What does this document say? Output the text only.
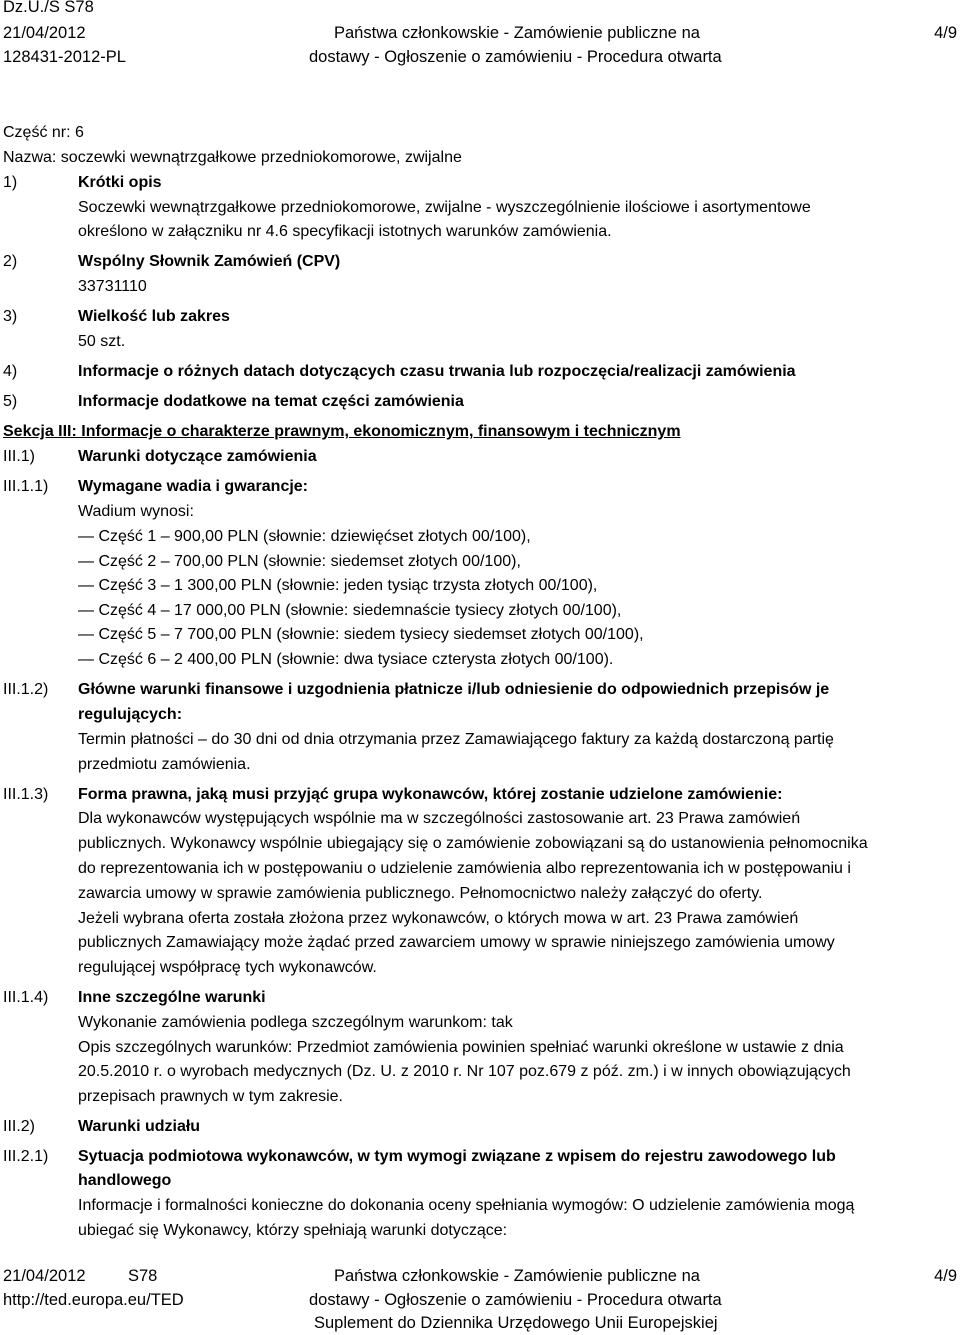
Dz.U./S S78
21/04/2012
128431-2012-PL
Państwa członkowskie - Zamówienie publiczne na
dostawy - Ogłoszenie o zamówieniu - Procedura otwarta
4/9
Część nr: 6
Nazwa: soczewki wewnątrzgałkowe przedniokomorowe, zwijalne
1)	Krótki opis
Soczewki wewnątrzgałkowe przedniokomorowe, zwijalne - wyszczególnienie ilościowe i asortymentowe
określono w załączniku nr 4.6 specyfikacji istotnych warunków zamówienia.
2)	Wspólny Słownik Zamówień (CPV)
33731110
3)	Wielkość lub zakres
50 szt.
4)	Informacje o różnych datach dotyczących czasu trwania lub rozpoczęcia/realizacji zamówienia
5)	Informacje dodatkowe na temat części zamówienia
Sekcja III: Informacje o charakterze prawnym, ekonomicznym, finansowym i technicznym
III.1)	Warunki dotyczące zamówienia
III.1.1) Wymagane wadia i gwarancje:
Wadium wynosi:
— Część 1 – 900,00 PLN (słownie: dziewięćset złotych 00/100),
— Część 2 – 700,00 PLN (słownie: siedemset złotych 00/100),
— Część 3 – 1 300,00 PLN (słownie: jeden tysiąc trzysta złotych 00/100),
— Część 4 – 17 000,00 PLN (słownie: siedemnaście tysiecy złotych 00/100),
— Część 5 – 7 700,00 PLN (słownie: siedem tysiecy siedemset złotych 00/100),
— Część 6 – 2 400,00 PLN (słownie: dwa tysiace czterysta złotych 00/100).
III.1.2) Główne warunki finansowe i uzgodnienia płatnicze i/lub odniesienie do odpowiednich przepisów je
regulujących:
Termin płatności – do 30 dni od dnia otrzymania przez Zamawiającego faktury za każdą dostarczoną partię
przedmiotu zamówienia.
III.1.3) Forma prawna, jaką musi przyjąć grupa wykonawców, której zostanie udzielone zamówienie:
Dla wykonawców występujących wspólnie ma w szczególności zastosowanie art. 23 Prawa zamówień
publicznych. Wykonawcy wspólnie ubiegający się o zamówienie zobowiązani są do ustanowienia pełnomocnika
do reprezentowania ich w postępowaniu o udzielenie zamówienia albo reprezentowania ich w postępowaniu i
zawarcia umowy w sprawie zamówienia publicznego. Pełnomocnictwo należy załączyć do oferty.
Jeżeli wybrana oferta została złożona przez wykonawców, o których mowa w art. 23 Prawa zamówień
publicznych Zamawiający może żądać przed zawarciem umowy w sprawie niniejszego zamówienia umowy
regulującej współpracę tych wykonawców.
III.1.4) Inne szczególne warunki
Wykonanie zamówienia podlega szczególnym warunkom: tak
Opis szczególnych warunków: Przedmiot zamówienia powinien spełniać warunki określone w ustawie z dnia
20.5.2010 r. o wyrobach medycznych (Dz. U. z 2010 r. Nr 107 poz.679 z póź. zm.) i w innych obowiązujących
przepisach prawnych w tym zakresie.
III.2)	Warunki udziału
III.2.1) Sytuacja podmiotowa wykonawców, w tym wymogi związane z wpisem do rejestru zawodowego lub
handlowego
Informacje i formalności konieczne do dokonania oceny spełniania wymogów: O udzielenie zamówienia mogą
ubiegać się Wykonawcy, którzy spełniają warunki dotyczące:
21/04/2012	S78
http://ted.europa.eu/TED
Państwa członkowskie - Zamówienie publiczne na
dostawy - Ogłoszenie o zamówieniu - Procedura otwarta
Suplement do Dziennika Urzędowego Unii Europejskiej
4/9
